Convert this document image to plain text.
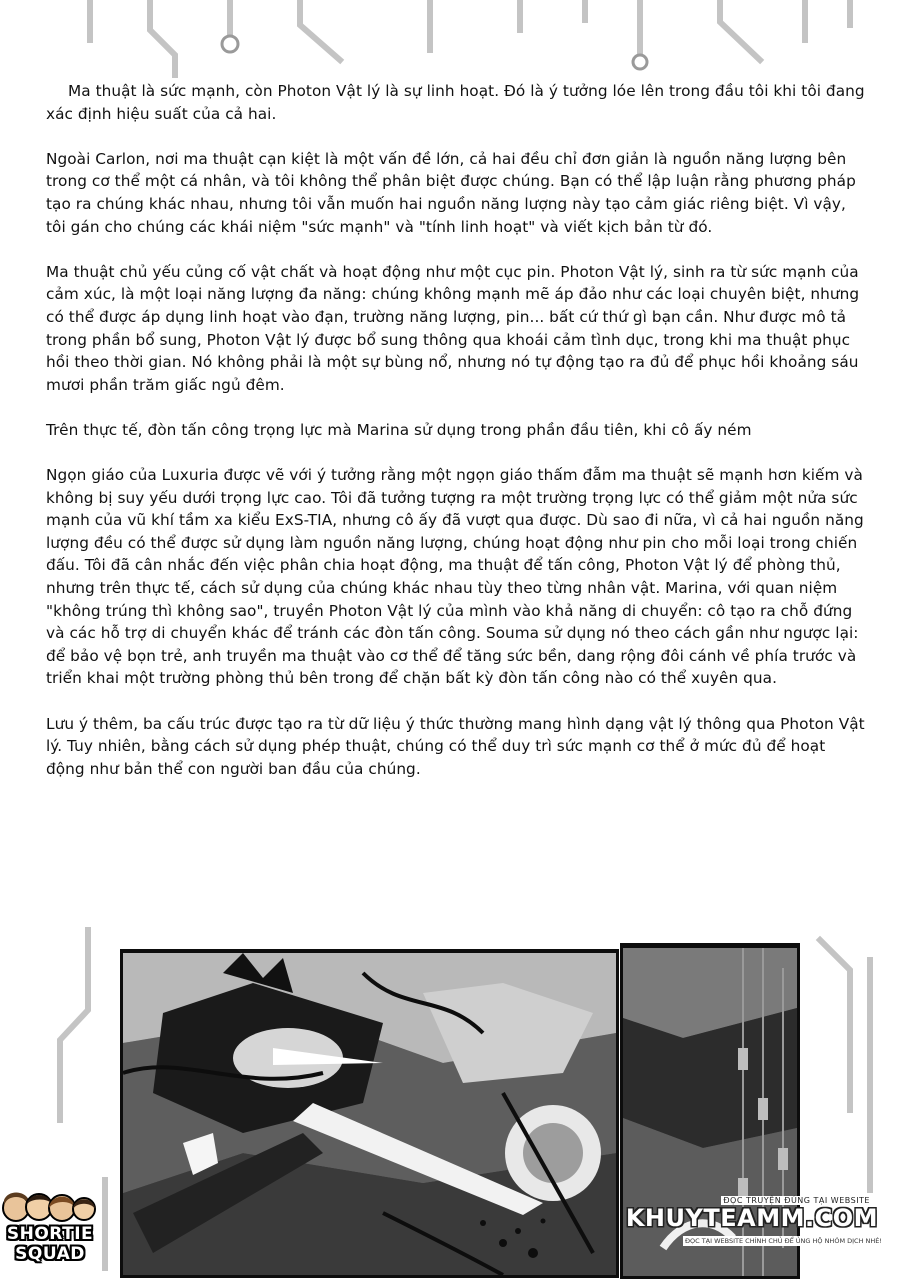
Ma thuật là sức mạnh, còn Photon Vật lý là sự linh hoạt. Đó là ý tưởng lóe lên trong đầu tôi khi tôi đang xác định hiệu suất của cả hai.

Ngoài Carlon, nơi ma thuật cạn kiệt là một vấn đề lớn, cả hai đều chỉ đơn giản là nguồn năng lượng bên trong cơ thể một cá nhân, và tôi không thể phân biệt được chúng. Bạn có thể lập luận rằng phương pháp tạo ra chúng khác nhau, nhưng tôi vẫn muốn hai nguồn năng lượng này tạo cảm giác riêng biệt. Vì vậy, tôi gán cho chúng các khái niệm "sức mạnh" và "tính linh hoạt" và viết kịch bản từ đó.

Ma thuật chủ yếu củng cố vật chất và hoạt động như một cục pin. Photon Vật lý, sinh ra từ sức mạnh của cảm xúc, là một loại năng lượng đa năng: chúng không mạnh mẽ áp đảo như các loại chuyên biệt, nhưng có thể được áp dụng linh hoạt vào đạn, trường năng lượng, pin... bất cứ thứ gì bạn cần. Như được mô tả trong phần bổ sung, Photon Vật lý được bổ sung thông qua khoái cảm tình dục, trong khi ma thuật phục hồi theo thời gian. Nó không phải là một sự bùng nổ, nhưng nó tự động tạo ra đủ để phục hồi khoảng sáu mươi phần trăm giấc ngủ đêm.

Trên thực tế, đòn tấn công trọng lực mà Marina sử dụng trong phần đầu tiên, khi cô ấy ném

Ngọn giáo của Luxuria được vẽ với ý tưởng rằng một ngọn giáo thấm đẫm ma thuật sẽ mạnh hơn kiếm và không bị suy yếu dưới trọng lực cao. Tôi đã tưởng tượng ra một trường trọng lực có thể giảm một nửa sức mạnh của vũ khí tầm xa kiểu ExS-TIA, nhưng cô ấy đã vượt qua được. Dù sao đi nữa, vì cả hai nguồn năng lượng đều có thể được sử dụng làm nguồn năng lượng, chúng hoạt động như pin cho mỗi loại trong chiến đấu. Tôi đã cân nhắc đến việc phân chia hoạt động, ma thuật để tấn công, Photon Vật lý để phòng thủ, nhưng trên thực tế, cách sử dụng của chúng khác nhau tùy theo từng nhân vật. Marina, với quan niệm "không trúng thì không sao", truyền Photon Vật lý của mình vào khả năng di chuyển: cô tạo ra chỗ đứng và các hỗ trợ di chuyển khác để tránh các đòn tấn công. Souma sử dụng nó theo cách gần như ngược lại: để bảo vệ bọn trẻ, anh truyền ma thuật vào cơ thể để tăng sức bền, dang rộng đôi cánh về phía trước và triển khai một trường phòng thủ bên trong để chặn bất kỳ đòn tấn công nào có thể xuyên qua.

Lưu ý thêm, ba cấu trúc được tạo ra từ dữ liệu ý thức thường mang hình dạng vật lý thông qua Photon Vật lý. Tuy nhiên, bằng cách sử dụng phép thuật, chúng có thể duy trì sức mạnh cơ thể ở mức đủ để hoạt động như bản thể con người ban đầu của chúng.

SHORTIE
SQUAD
ĐỌC TRUYỆN ĐÚNG TẠI WEBSITE
KHUYTEAMM.COM
ĐỌC TẠI WEBSITE CHÍNH CHỦ ĐỂ ỦNG HỘ NHÓM DỊCH NHÉ!
